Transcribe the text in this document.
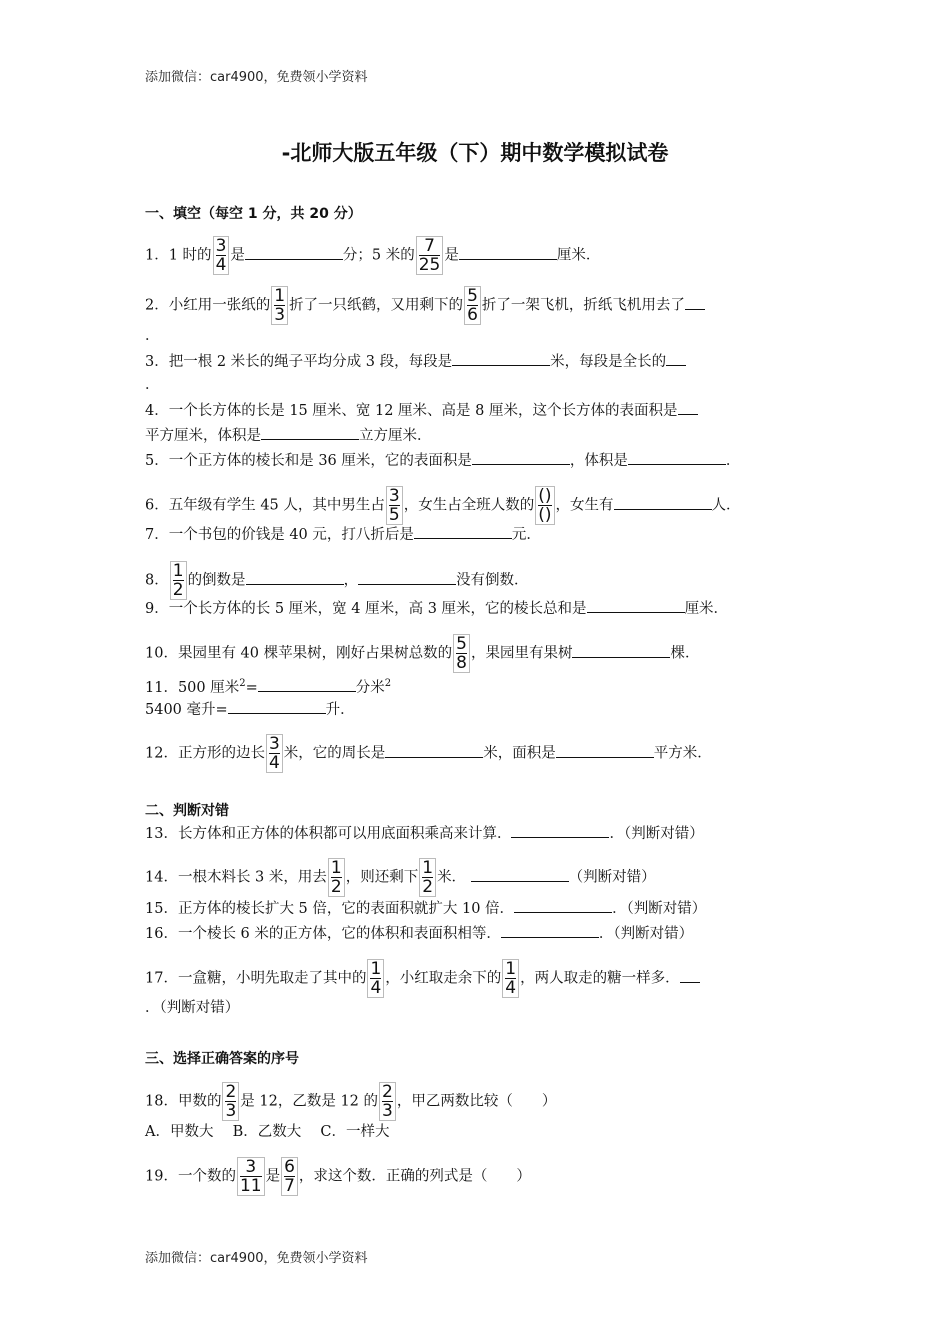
添加微信：car4900，免费领小学资料
-北师大版五年级（下）期中数学模拟试卷
一、填空（每空 1 分，共 20 分）
1．1 时的 $\frac{3}{4}$ 是	分；5 米的 $\frac{7}{25}$ 是	厘米．
2．小红用一张纸的 $\frac{1}{3}$ 折了一只纸鹤，又用剩下的 $\frac{5}{6}$ 折了一架飞机，折纸飞机用去了
．
3．把一根 2 米长的绳子平均分成 3 段，每段是	米，每段是全长的
．
4．一个长方体的长是 15 厘米、宽 12 厘米、高是 8 厘米，这个长方体的表面积是
平方厘米，体积是	立方厘米．
5．一个正方体的棱长和是 36 厘米，它的表面积是	，体积是	．
6．五年级有学生 45 人，其中男生占 $\frac{3}{5}$ ，女生占全班人数的 $\frac{()}{()}$ ，女生有	人．
7．一个书包的价钱是 40 元，打八折后是	元．
8． $\frac{1}{2}$ 的倒数是	，	没有倒数．
9．一个长方体的长 5 厘米，宽 4 厘米，高 3 厘米，它的棱长总和是	厘米．
10．果园里有 40 棵苹果树，刚好占果树总数的 $\frac{5}{8}$ ，果园里有果树	棵．
11．500 厘米$^2$=	分米$^2$
5400 毫升=	升．
12．正方形的边长 $\frac{3}{4}$ 米，它的周长是	米，面积是	平方米．
二、判断对错
13．长方体和正方体的体积都可以用底面积乘高来计算．	．（判断对错）
14．一根木料长 3 米，用去 $\frac{1}{2}$ ，则还剩下 $\frac{1}{2}$ 米．	（判断对错）
15．正方体的棱长扩大 5 倍，它的表面积就扩大 10 倍．	．（判断对错）
16．一个棱长 6 米的正方体，它的体积和表面积相等．	．（判断对错）
17．一盒糖，小明先取走了其中的 $\frac{1}{4}$ ，小红取走余下的 $\frac{1}{4}$ ，两人取走的糖一样多．
．（判断对错）
三、选择正确答案的序号
18．甲数的 $\frac{2}{3}$ 是 12，乙数是 12 的 $\frac{2}{3}$ ，甲乙两数比较（　　）
A．甲数大　 B．乙数大　 C．一样大
19．一个数的 $\frac{3}{11}$ 是 $\frac{6}{7}$ ，求这个数．正确的列式是（　　）
添加微信：car4900，免费领小学资料
